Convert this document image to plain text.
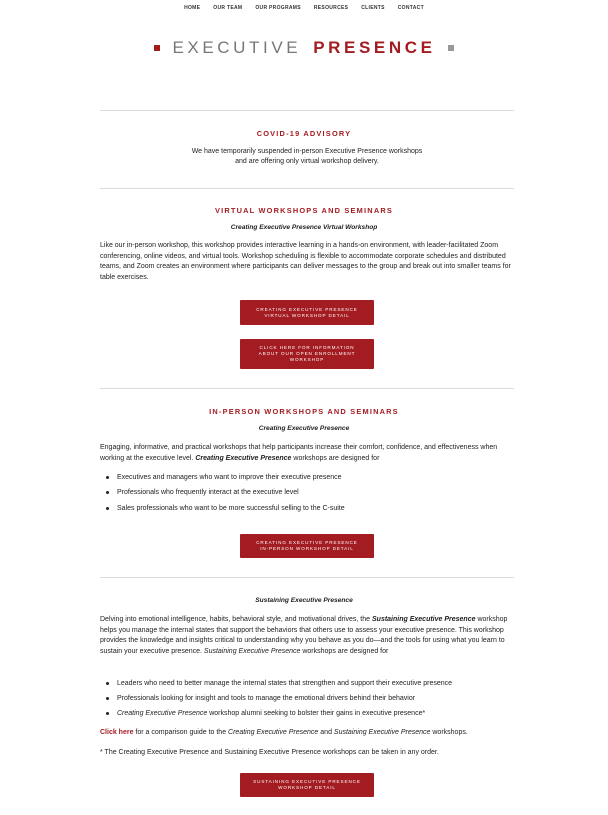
HOME	OUR TEAM	OUR PROGRAMS	RESOURCES	CLIENTS	CONTACT
EXECUTIVE PRESENCE
COVID-19 ADVISORY
We have temporarily suspended in-person Executive Presence workshops
and are offering only virtual workshop delivery.
VIRTUAL WORKSHOPS AND SEMINARS
Creating Executive Presence Virtual Workshop
Like our in-person workshop, this workshop provides interactive learning in a hands-on environment, with leader-facilitated Zoom conferencing, online videos, and virtual tools. Workshop scheduling is flexible to accommodate corporate schedules and distributed teams, and Zoom creates an environment where participants can deliver messages to the group and break out into smaller teams for table exercises.
CREATING EXECUTIVE PRESENCE
VIRTUAL WORKSHOP DETAIL
CLICK HERE FOR INFORMATION
ABOUT OUR OPEN ENROLLMENT
WORKSHOP
IN-PERSON WORKSHOPS AND SEMINARS
Creating Executive Presence
Engaging, informative, and practical workshops that help participants increase their comfort, confidence, and effectiveness when working at the executive level. Creating Executive Presence workshops are designed for
Executives and managers who want to improve their executive presence
Professionals who frequently interact at the executive level
Sales professionals who want to be more successful selling to the C-suite
CREATING EXECUTIVE PRESENCE
IN-PERSON WORKSHOP DETAIL
Sustaining Executive Presence
Delving into emotional intelligence, habits, behavioral style, and motivational drives, the Sustaining Executive Presence workshop helps you manage the internal states that support the behaviors that others use to assess your executive presence. This workshop provides the knowledge and insights critical to understanding why you behave as you do—and the tools for using what you learn to sustain your executive presence. Sustaining Executive Presence workshops are designed for
Leaders who need to better manage the internal states that strengthen and support their executive presence
Professionals looking for insight and tools to manage the emotional drivers behind their behavior
Creating Executive Presence workshop alumni seeking to bolster their gains in executive presence*
Click here for a comparison guide to the Creating Executive Presence and Sustaining Executive Presence workshops.
* The Creating Executive Presence and Sustaining Executive Presence workshops can be taken in any order.
SUSTAINING EXECUTIVE PRESENCE
WORKSHOP DETAIL
